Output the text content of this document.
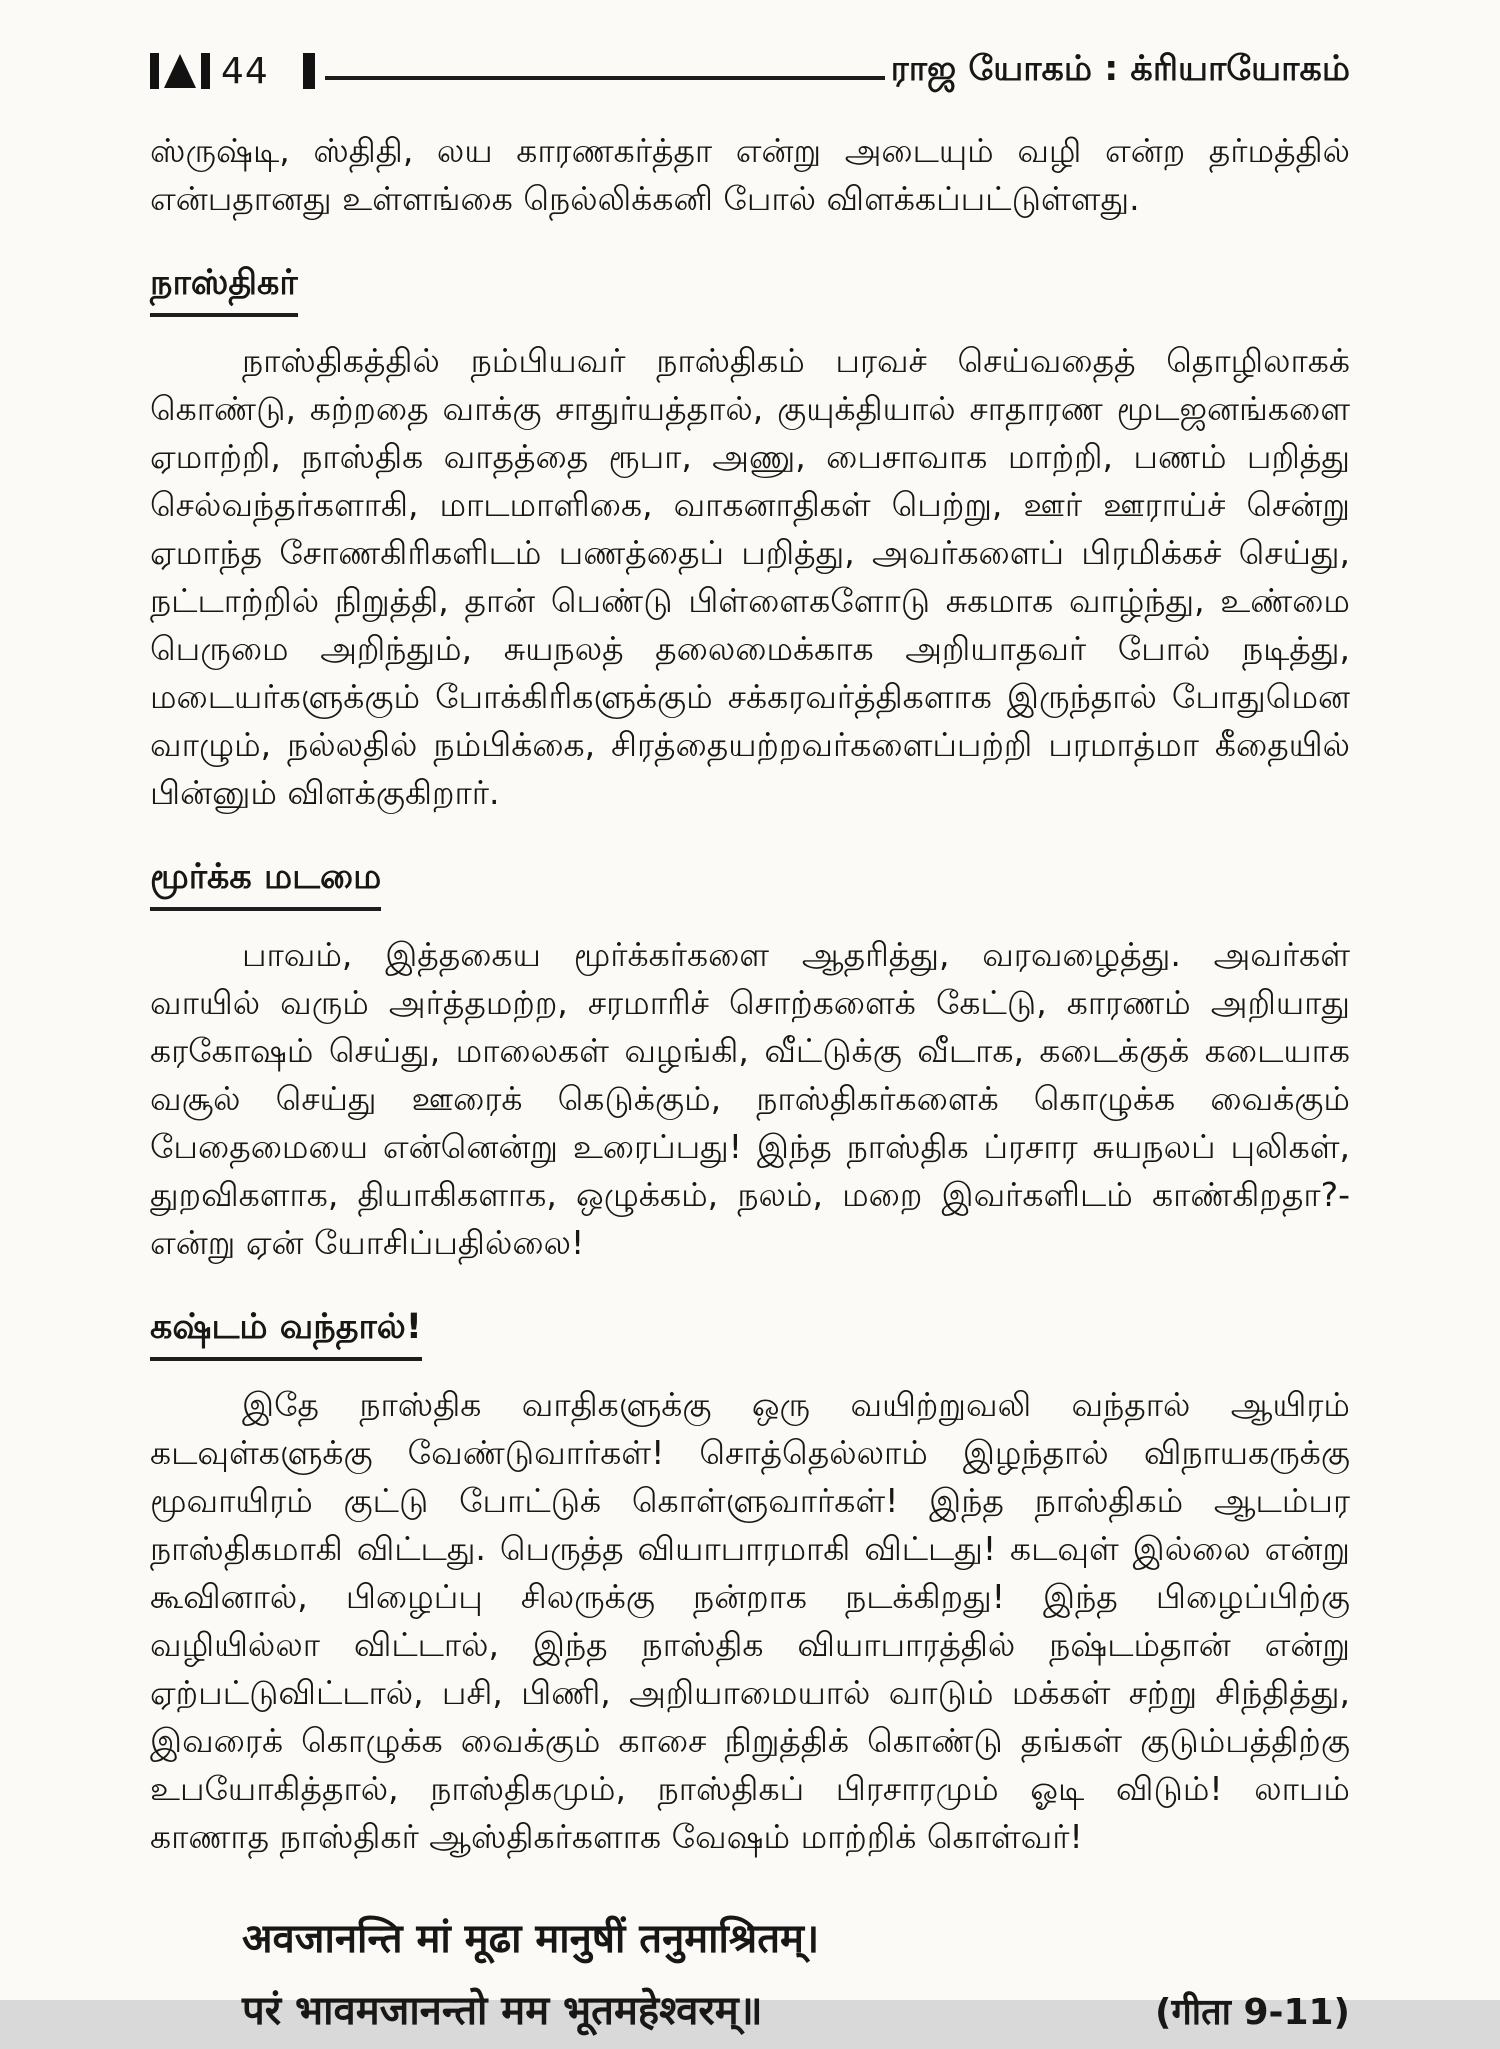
44	ராஜ யோகம் : க்ரியாயோகம்

ஸ்ருஷ்டி, ஸ்திதி, லய காரணகர்த்தா என்று அடையும் வழி என்ற தர்மத்தில் என்பதானது உள்ளங்கை நெல்லிக்கனி போல் விளக்கப்பட்டுள்ளது.

நாஸ்திகர்

நாஸ்திகத்தில் நம்பியவர் நாஸ்திகம் பரவச் செய்வதைத் தொழிலாகக் கொண்டு, கற்றதை வாக்கு சாதுர்யத்தால், குயுக்தியால் சாதாரண மூடஜனங்களை ஏமாற்றி, நாஸ்திக வாதத்தை ரூபா, அணு, பைசாவாக மாற்றி, பணம் பறித்து செல்வந்தர்களாகி, மாடமாளிகை, வாகனாதிகள் பெற்று, ஊர் ஊராய்ச் சென்று ஏமாந்த சோணகிரிகளிடம் பணத்தைப் பறித்து, அவர்களைப் பிரமிக்கச் செய்து, நட்டாற்றில் நிறுத்தி, தான் பெண்டு பிள்ளைகளோடு சுகமாக வாழ்ந்து, உண்மை பெருமை அறிந்தும், சுயநலத் தலைமைக்காக அறியாதவர் போல் நடித்து, மடையர்களுக்கும் போக்கிரிகளுக்கும் சக்கரவர்த்திகளாக இருந்தால் போதுமென வாழும், நல்லதில் நம்பிக்கை, சிரத்தையற்றவர்களைப்பற்றி பரமாத்மா கீதையில் பின்னும் விளக்குகிறார்.

மூர்க்க மடமை

பாவம், இத்தகைய மூர்க்கர்களை ஆதரித்து, வரவழைத்து. அவர்கள் வாயில் வரும் அர்த்தமற்ற, சரமாரிச் சொற்களைக் கேட்டு, காரணம் அறியாது கரகோஷம் செய்து, மாலைகள் வழங்கி, வீட்டுக்கு வீடாக, கடைக்குக் கடையாக வசூல் செய்து ஊரைக் கெடுக்கும், நாஸ்திகர்களைக் கொழுக்க வைக்கும் பேதைமையை என்னென்று உரைப்பது! இந்த நாஸ்திக ப்ரசார சுயநலப் புலிகள், துறவிகளாக, தியாகிகளாக, ஒழுக்கம், நலம், மறை இவர்களிடம் காண்கிறதா?- என்று ஏன் யோசிப்பதில்லை!

கஷ்டம் வந்தால்!

இதே நாஸ்திக வாதிகளுக்கு ஒரு வயிற்றுவலி வந்தால் ஆயிரம் கடவுள்களுக்கு வேண்டுவார்கள்! சொத்தெல்லாம் இழந்தால் விநாயகருக்கு மூவாயிரம் குட்டு போட்டுக் கொள்ளுவார்கள்! இந்த நாஸ்திகம் ஆடம்பர நாஸ்திகமாகி விட்டது. பெருத்த வியாபாரமாகி விட்டது! கடவுள் இல்லை என்று கூவினால், பிழைப்பு சிலருக்கு நன்றாக நடக்கிறது! இந்த பிழைப்பிற்கு வழியில்லா விட்டால், இந்த நாஸ்திக வியாபாரத்தில் நஷ்டம்தான் என்று ஏற்பட்டுவிட்டால், பசி, பிணி, அறியாமையால் வாடும் மக்கள் சற்று சிந்தித்து, இவரைக் கொழுக்க வைக்கும் காசை நிறுத்திக் கொண்டு தங்கள் குடும்பத்திற்கு உபயோகித்தால், நாஸ்திகமும், நாஸ்திகப் பிரசாரமும் ஓடி விடும்! லாபம் காணாத நாஸ்திகர் ஆஸ்திகர்களாக வேஷம் மாற்றிக் கொள்வர்!

अवजानन्ति मां मूढा मानुषीं तनुमाश्रितम्।
परं भावमजानन्तो मम भूतमहेश्वरम्॥	(गीता 9-11)
